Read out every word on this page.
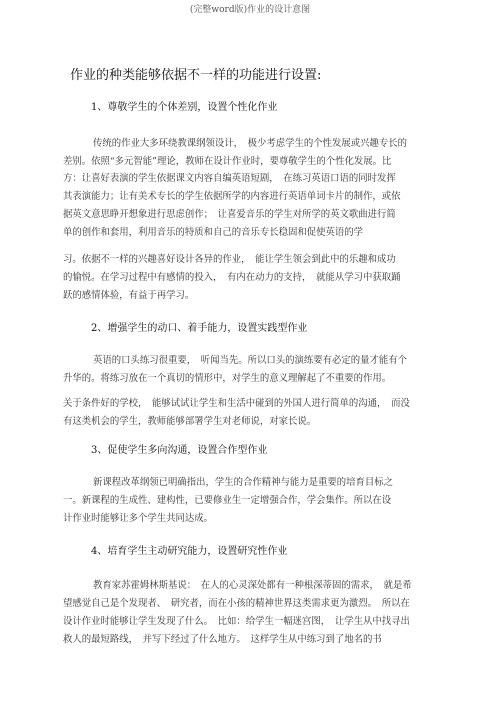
(完整word版)作业的设计意图
作业的种类能够依据不一样的功能进行设置:
1、尊敬学生的个体差别，设置个性化作业
传统的作业大多环绕教课纲领设计，　极少考虑学生的个性发展或兴趣专长的
差别。依照“多元智能”理论，教师在设计作业时，要尊敬学生的个性化发展。比
方：让喜好表演的学生依据课文内容自编英语短剧，　在练习英语口语的同时发挥
其表演能力；让有美术专长的学生依据所学的内容进行英语单词卡片的制作，或依
据英文意思睁开想象进行思虑创作；　让喜爱音乐的学生对所学的英文歌曲进行简
单的创作和套用，利用音乐的特质和自己的音乐专长稳固和促使英语的学
习。依据不一样的兴趣喜好设计各异的作业，　能让学生领会到此中的乐趣和成功
的愉悦。在学习过程中有感情的投入，　有内在动力的支持，　就能从学习中获取踊
跃的感情体验，有益于再学习。
2、增强学生的动口、着手能力，设置实践型作业
英语的口头练习很重要，　听闻当先。所以口头的演练要有必定的量才能有个
升华的。将练习放在一个真切的情形中，对学生的意义理解起了不重要的作用。
关于条件好的学校，　能够试试让学生和生活中碰到的外国人进行简单的沟通，　而没
有这类机会的学生，教师能够部署学生对老师说，对家长说。
3、促使学生多向沟通，设置合作型作业
新课程改革纲领已明确指出，学生的合作精神与能力是重要的培育目标之
一。新课程的生成性、建构性，已要修业生一定增强合作，学会集作。所以在设
计作业时能够让多个学生共同达成。
4、培育学生主动研究能力，设置研究性作业
教育家苏霍姆林斯基说：　在人的心灵深处都有一种根深蒂固的需求，　就是希
望感觉自己是个发现者、　研究者，而在小孩的精神世界这类需求更为激烈。　所以在
设计作业时能够让学生发现了什么。　比如：给学生一幅迷宫图，　让学生从中找寻出
救人的最短路线，　并写下经过了什么地方。　这样学生从中练习到了地名的书
